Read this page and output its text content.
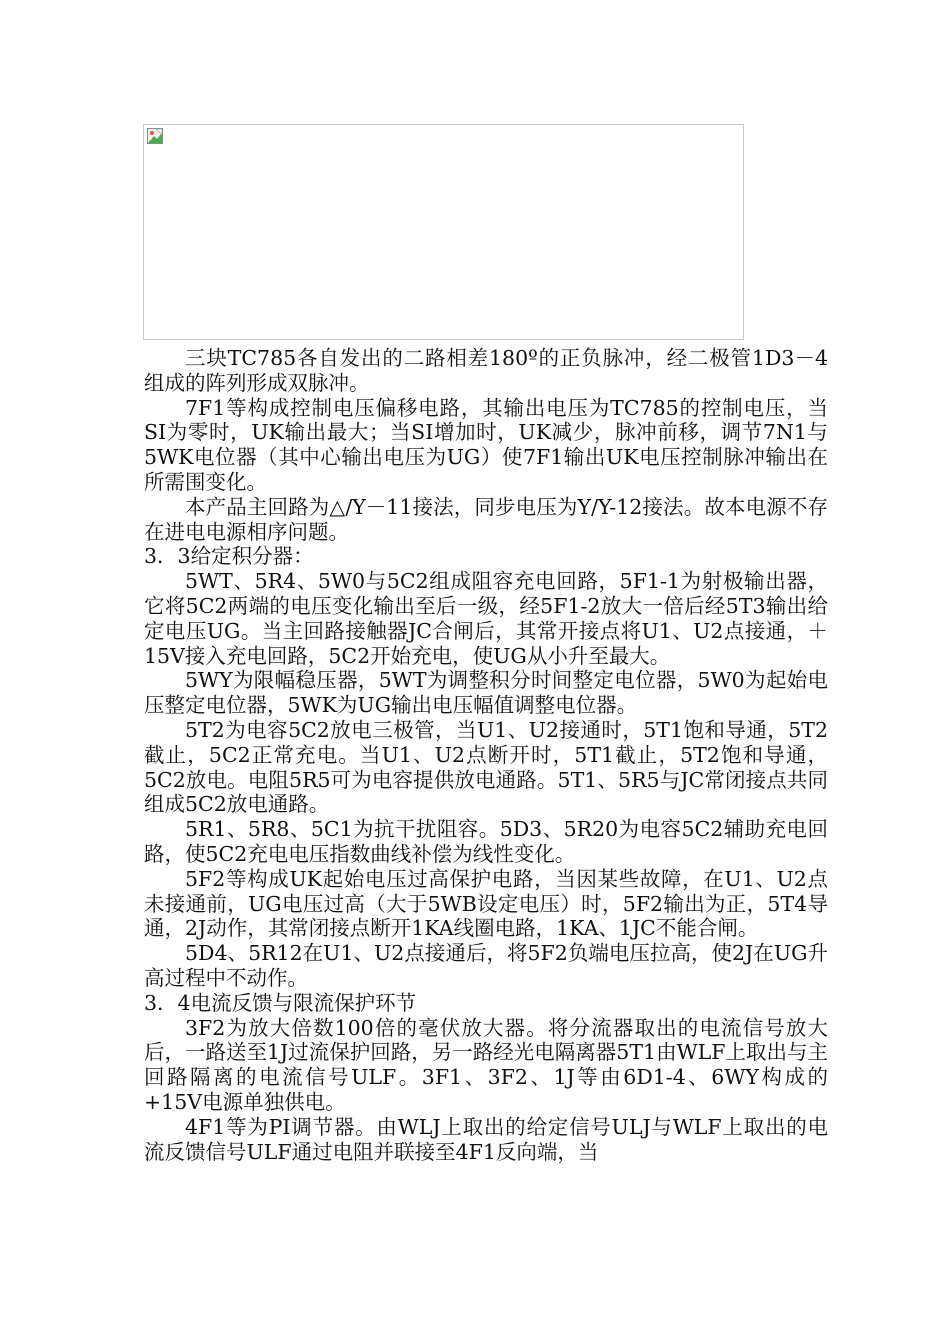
三块TC785各自发出的二路相差180º的正负脉冲，经二极管1D3－4组成的阵列形成双脉冲。

7F1等构成控制电压偏移电路，其输出电压为TC785的控制电压，当SI为零时，UK输出最大；当SI增加时，UK减少，脉冲前移，调节7N1与5WK电位器（其中心输出电压为UG）使7F1输出UK电压控制脉冲输出在所需围变化。

本产品主回路为△/Y－11接法，同步电压为Y/Y-12接法。故本电源不存在进电电源相序问题。

3．3给定积分器：

5WT、5R4、5W0与5C2组成阻容充电回路，5F1-1为射极输出器，它将5C2两端的电压变化输出至后一级，经5F1-2放大一倍后经5T3输出给定电压UG。当主回路接触器JC合闸后，其常开接点将U1、U2点接通，＋15V接入充电回路，5C2开始充电，使UG从小升至最大。

5WY为限幅稳压器，5WT为调整积分时间整定电位器，5W0为起始电压整定电位器，5WK为UG输出电压幅值调整电位器。

5T2为电容5C2放电三极管，当U1、U2接通时，5T1饱和导通，5T2截止，5C2正常充电。当U1、U2点断开时，5T1截止，5T2饱和导通，5C2放电。电阻5R5可为电容提供放电通路。5T1、5R5与JC常闭接点共同组成5C2放电通路。

5R1、5R8、5C1为抗干扰阻容。5D3、5R20为电容5C2辅助充电回路，使5C2充电电压指数曲线补偿为线性变化。

5F2等构成UK起始电压过高保护电路，当因某些故障，在U1、U2点未接通前，UG电压过高（大于5WB设定电压）时，5F2输出为正，5T4导通，2J动作，其常闭接点断开1KA线圈电路，1KA、1JC不能合闸。

5D4、5R12在U1、U2点接通后，将5F2负端电压拉高，使2J在UG升高过程中不动作。

3．4电流反馈与限流保护环节

3F2为放大倍数100倍的毫伏放大器。将分流器取出的电流信号放大后，一路送至1J过流保护回路，另一路经光电隔离器5T1由WLF上取出与主回路隔离的电流信号ULF。3F1、3F2、1J等由6D1-4、6WY构成的+15V电源单独供电。

4F1等为PI调节器。由WLJ上取出的给定信号ULJ与WLF上取出的电流反馈信号ULF通过电阻并联接至4F1反向端，当
